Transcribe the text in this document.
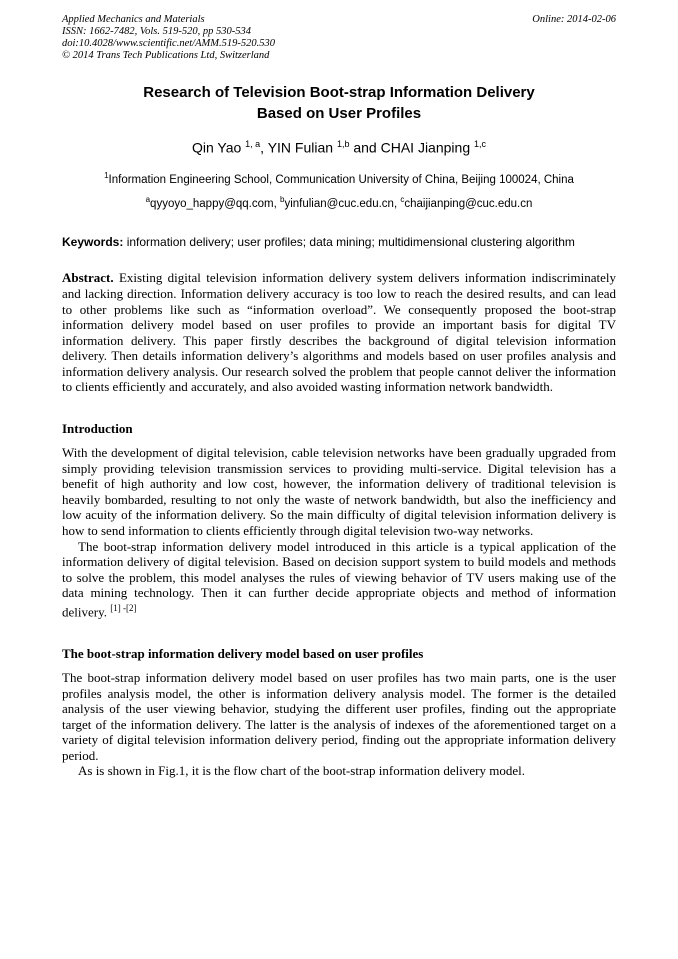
Applied Mechanics and Materials
ISSN: 1662-7482, Vols. 519-520, pp 530-534
doi:10.4028/www.scientific.net/AMM.519-520.530
© 2014 Trans Tech Publications Ltd, Switzerland
Online: 2014-02-06
Research of Television Boot-strap Information Delivery
Based on User Profiles
Qin Yao $^{1, a}$, YIN Fulian $^{1,b}$ and CHAI Jianping $^{1,c}$
$^1$Information Engineering School, Communication University of China, Beijing 100024, China
$^a$qyyoyo_happy@qq.com, $^b$yinfulian@cuc.edu.cn, $^c$chaijianping@cuc.edu.cn

Keywords: information delivery; user profiles; data mining; multidimensional clustering algorithm

Abstract. Existing digital television information delivery system delivers information indiscriminately and lacking direction. Information delivery accuracy is too low to reach the desired results, and can lead to other problems like such as “information overload”. We consequently proposed the boot-strap information delivery model based on user profiles to provide an important basis for digital TV information delivery. This paper firstly describes the background of digital television information delivery. Then details information delivery’s algorithms and models based on user profiles analysis and information delivery analysis. Our research solved the problem that people cannot deliver the information to clients efficiently and accurately, and also avoided wasting information network bandwidth.

Introduction

With the development of digital television, cable television networks have been gradually upgraded from simply providing television transmission services to providing multi-service. Digital television has a benefit of high authority and low cost, however, the information delivery of traditional television is heavily bombarded, resulting to not only the waste of network bandwidth, but also the inefficiency and low acuity of the information delivery. So the main difficulty of digital television information delivery is how to send information to clients efficiently through digital television two-way networks.

The boot-strap information delivery model introduced in this article is a typical application of the information delivery of digital television. Based on decision support system to build models and methods to solve the problem, this model analyses the rules of viewing behavior of TV users making use of the data mining technology. Then it can further decide appropriate objects and method of information delivery. [1] -[2]

The boot-strap information delivery model based on user profiles

The boot-strap information delivery model based on user profiles has two main parts, one is the user profiles analysis model, the other is information delivery analysis model. The former is the detailed analysis of the user viewing behavior, studying the different user profiles, finding out the appropriate target of the information delivery. The latter is the analysis of indexes of the aforementioned target on a variety of digital television information delivery period, finding out the appropriate information delivery period.

As is shown in Fig.1, it is the flow chart of the boot-strap information delivery model.
